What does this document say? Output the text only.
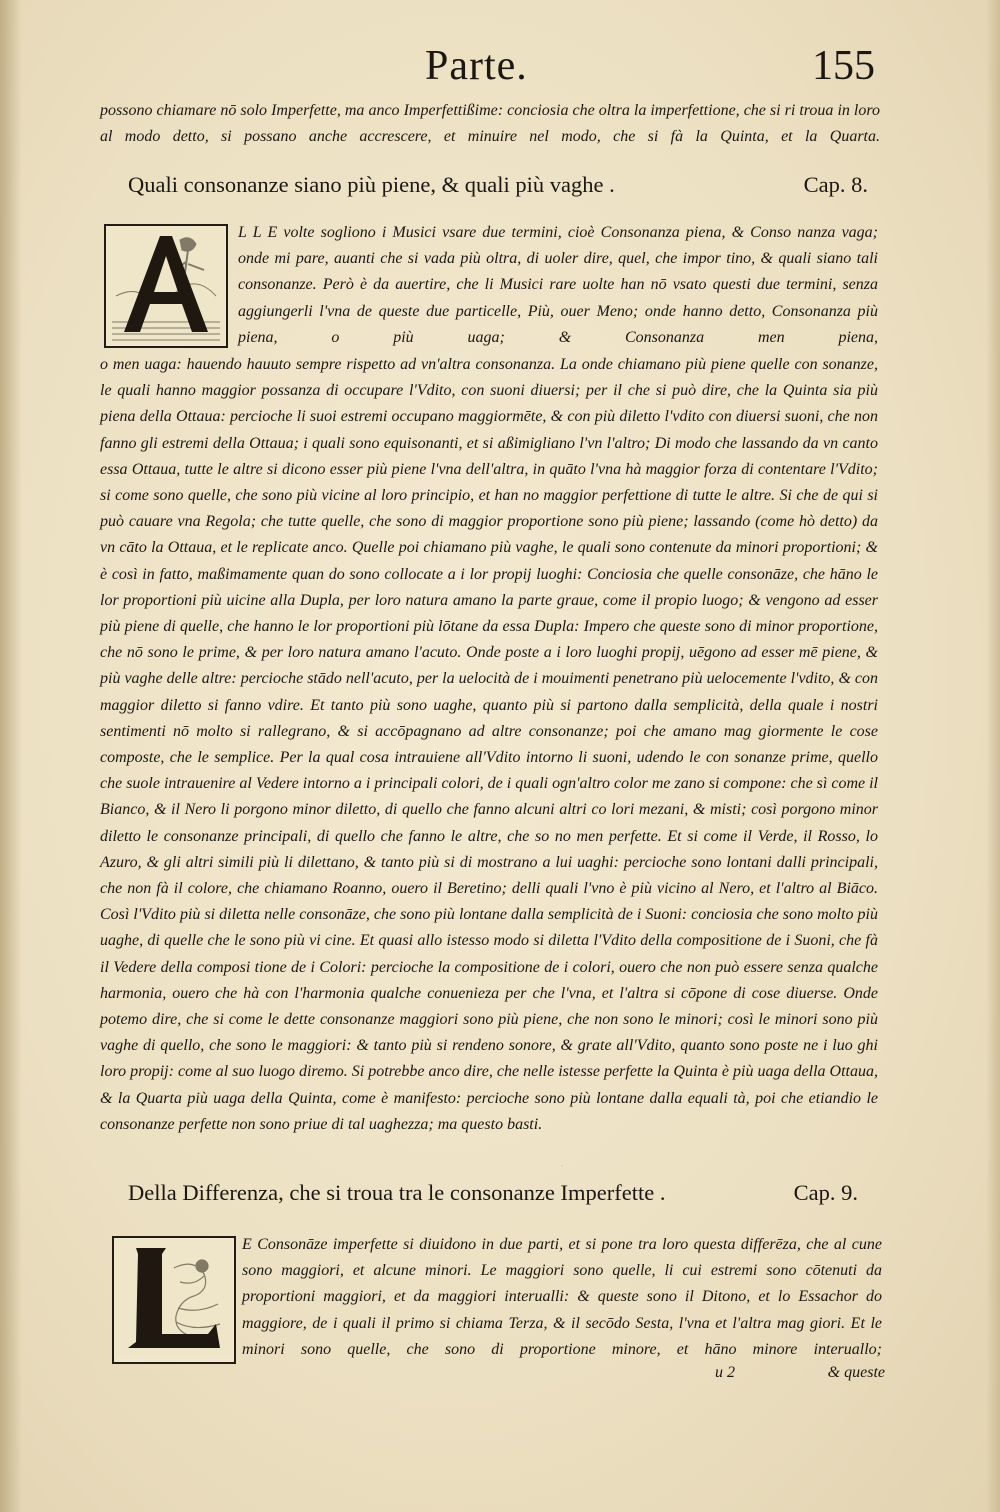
·
Parte.	155

possono chiamare nō solo Imperfette, ma anco Imperfettißime: conciosia che oltra la imperfettione, che si ri troua in loro al modo detto, si possano anche accrescere, et minuire nel modo, che si fà la Quinta, et la Quarta.

Quali consonanze siano più piene, & quali più vaghe .	Cap. 8.

L L E volte sogliono i Musici vsare due termini, cioè Consonanza piena, & Conso nanza vaga; onde mi pare, auanti che si vada più oltra, di uoler dire, quel, che impor tino, & quali siano tali consonanze. Però è da auertire, che li Musici rare uolte han nō vsato questi due termini, senza aggiungerli l'vna de queste due particelle, Più, ouer Meno; onde hanno detto, Consonanza più piena, o più uaga; & Consonanza men piena,

o men uaga: hauendo hauuto sempre rispetto ad vn'altra consonanza. La onde chiamano più piene quelle con sonanze, le quali hanno maggior possanza di occupare l'Vdito, con suoni diuersi; per il che si può dire, che la Quinta sia più piena della Ottaua: percioche li suoi estremi occupano maggiormēte, & con più diletto l'vdito con diuersi suoni, che non fanno gli estremi della Ottaua; i quali sono equisonanti, et si aßimigliano l'vn l'altro; Di modo che lassando da vn canto essa Ottaua, tutte le altre si dicono esser più piene l'vna dell'altra, in quāto l'vna hà maggior forza di contentare l'Vdito; si come sono quelle, che sono più vicine al loro principio, et han no maggior perfettione di tutte le altre. Si che de qui si può cauare vna Regola; che tutte quelle, che sono di maggior proportione sono più piene; lassando (come hò detto) da vn cāto la Ottaua, et le replicate anco. Quelle poi chiamano più vaghe, le quali sono contenute da minori proportioni; & è così in fatto, maßimamente quan do sono collocate a i lor propij luoghi: Conciosia che quelle consonāze, che hāno le lor proportioni più uicine alla Dupla, per loro natura amano la parte graue, come il propio luogo; & vengono ad esser più piene di quelle, che hanno le lor proportioni più lōtane da essa Dupla: Impero che queste sono di minor proportione, che nō sono le prime, & per loro natura amano l'acuto. Onde poste a i loro luoghi propij, uēgono ad esser mē piene, & più vaghe delle altre: percioche stādo nell'acuto, per la uelocità de i mouimenti penetrano più uelocemente l'vdito, & con maggior diletto si fanno vdire. Et tanto più sono uaghe, quanto più si partono dalla semplicità, della quale i nostri sentimenti nō molto si rallegrano, & si accōpagnano ad altre consonanze; poi che amano mag giormente le cose composte, che le semplice. Per la qual cosa intrauiene all'Vdito intorno li suoni, udendo le con sonanze prime, quello che suole intrauenire al Vedere intorno a i principali colori, de i quali ogn'altro color me zano si compone: che sì come il Bianco, & il Nero li porgono minor diletto, di quello che fanno alcuni altri co lori mezani, & misti; così porgono minor diletto le consonanze principali, di quello che fanno le altre, che so no men perfette. Et si come il Verde, il Rosso, lo Azuro, & gli altri simili più li dilettano, & tanto più si di mostrano a lui uaghi: percioche sono lontani dalli principali, che non fà il colore, che chiamano Roanno, ouero il Beretino; delli quali l'vno è più vicino al Nero, et l'altro al Biāco. Così l'Vdito più si diletta nelle consonāze, che sono più lontane dalla semplicità de i Suoni: conciosia che sono molto più uaghe, di quelle che le sono più vi cine. Et quasi allo istesso modo si diletta l'Vdito della compositione de i Suoni, che fà il Vedere della composi tione de i Colori: percioche la compositione de i colori, ouero che non può essere senza qualche harmonia, ouero che hà con l'harmonia qualche conuenieza per che l'vna, et l'altra si cōpone di cose diuerse. Onde potemo dire, che si come le dette consonanze maggiori sono più piene, che non sono le minori; così le minori sono più vaghe di quello, che sono le maggiori: & tanto più si rendeno sonore, & grate all'Vdito, quanto sono poste ne i luo ghi loro propij: come al suo luogo diremo. Si potrebbe anco dire, che nelle istesse perfette la Quinta è più uaga della Ottaua, & la Quarta più uaga della Quinta, come è manifesto: percioche sono più lontane dalla equali tà, poi che etiandio le consonanze perfette non sono priue di tal uaghezza; ma questo basti.

Della Differenza, che si troua tra le consonanze Imperfette .	Cap. 9.

E Consonāze imperfette si diuidono in due parti, et si pone tra loro questa differēza, che al cune sono maggiori, et alcune minori. Le maggiori sono quelle, li cui estremi sono cōtenuti da proportioni maggiori, et da maggiori interualli: & queste sono il Ditono, et lo Essachor do maggiore, de i quali il primo si chiama Terza, & il secōdo Sesta, l'vna et l'altra mag giori. Et le minori sono quelle, che sono di proportione minore, et hāno minore interuallo;

u 2	& queste
